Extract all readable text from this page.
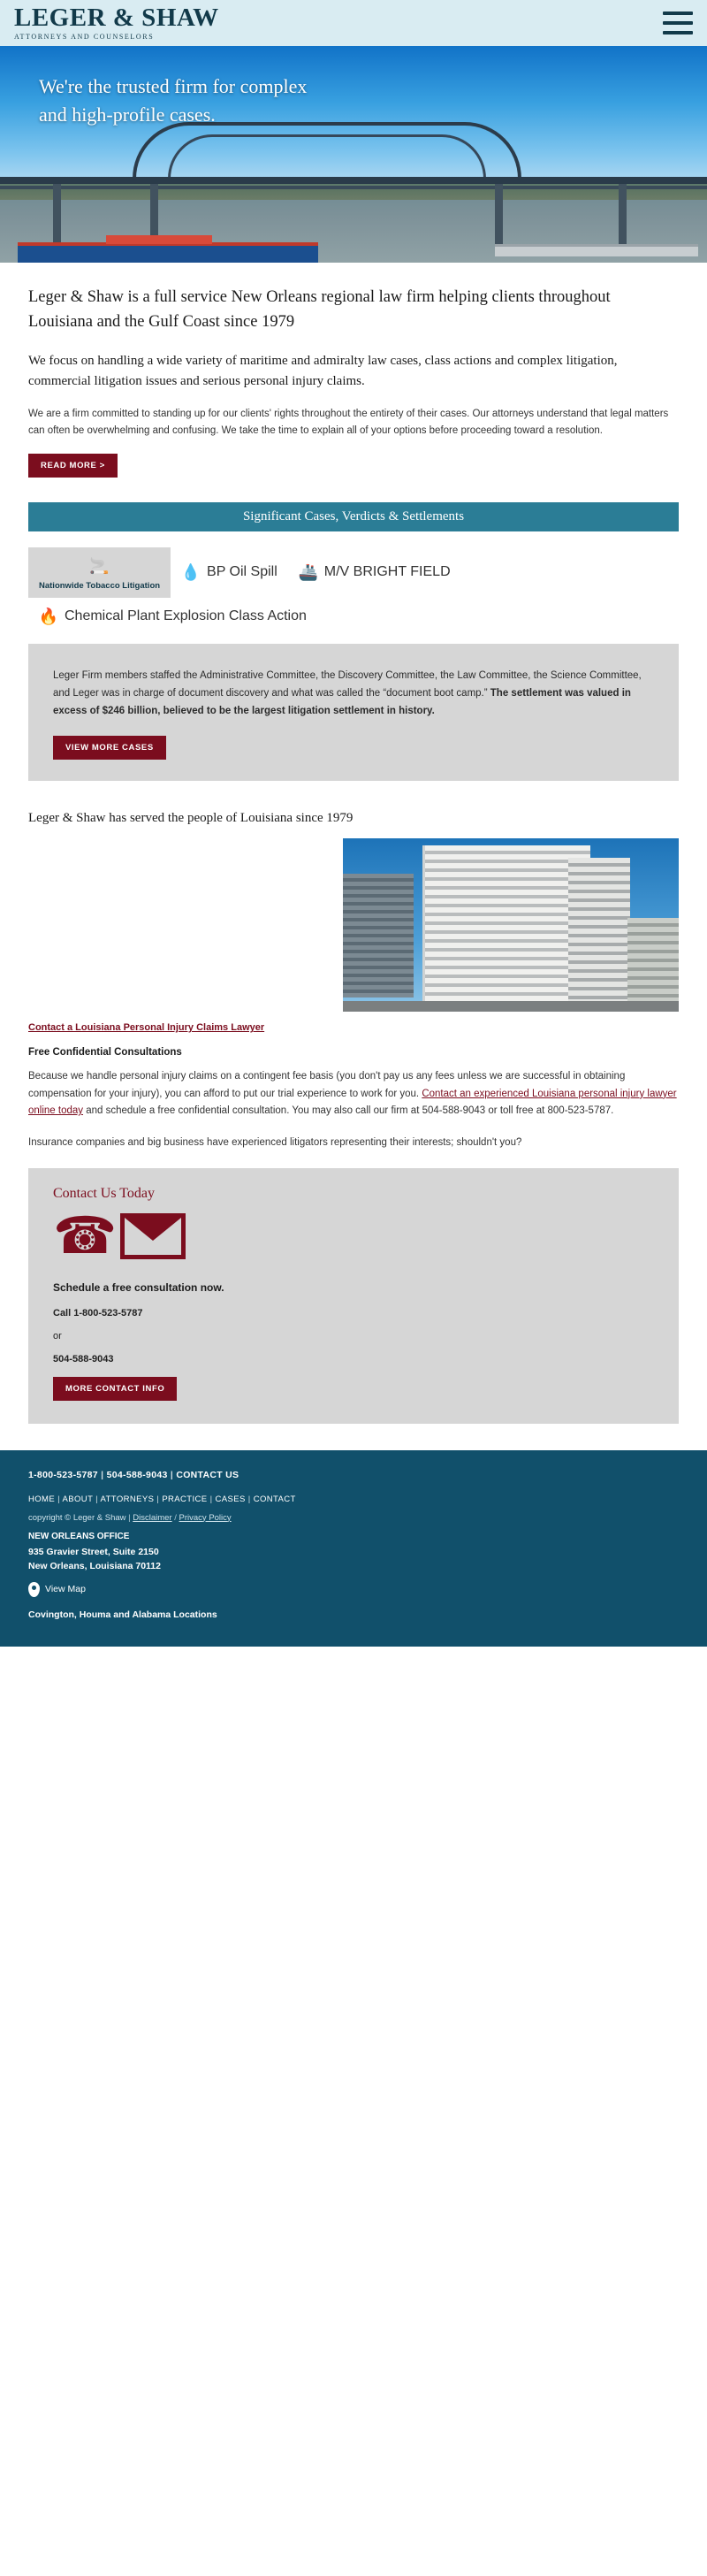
LEGER & SHAW
ATTORNEYS AND COUNSELORS
We're the trusted firm for complex
and high-profile cases.
Leger & Shaw is a full service New Orleans regional law firm helping clients throughout Louisiana and the Gulf Coast since 1979

We focus on handling a wide variety of maritime and admiralty law cases, class actions and complex litigation, commercial litigation issues and serious personal injury claims.

We are a firm committed to standing up for our clients' rights throughout the entirety of their cases. Our attorneys understand that legal matters can often be overwhelming and confusing. We take the time to explain all of your options before proceeding toward a resolution.

READ MORE >
Significant Cases, Verdicts & Settlements
🚬
Nationwide Tobacco Litigation
💧 BP Oil Spill 🚢 M/V BRIGHT FIELD
🔥 Chemical Plant Explosion Class Action

Leger Firm members staffed the Administrative Committee, the Discovery Committee, the Law Committee, the Science Committee, and Leger was in charge of document discovery and what was called the “document boot camp.” The settlement was valued in excess of $246 billion, believed to be the largest litigation settlement in history.

VIEW MORE CASES
Leger & Shaw has served the people of Louisiana since 1979
Contact a Louisiana Personal Injury Claims Lawyer
Free Confidential Consultations

Because we handle personal injury claims on a contingent fee basis (you don't pay us any fees unless we are successful in obtaining compensation for your injury), you can afford to put our trial experience to work for you. Contact an experienced Louisiana personal injury lawyer online today and schedule a free confidential consultation. You may also call our firm at 504-588-9043 or toll free at 800-523-5787.

Insurance companies and big business have experienced litigators representing their interests; shouldn't you?

Contact Us Today
☎
Schedule a free consultation now.

Call 1-800-523-5787

or

504-588-9043

MORE CONTACT INFO
1-800-523-5787 | 504-588-9043 | CONTACT US
HOME | ABOUT | ATTORNEYS | PRACTICE | CASES | CONTACT
copyright © Leger & Shaw | Disclaimer / Privacy Policy
NEW ORLEANS OFFICE
935 Gravier Street, Suite 2150
New Orleans, Louisiana 70112
View Map
Covington, Houma and Alabama Locations
